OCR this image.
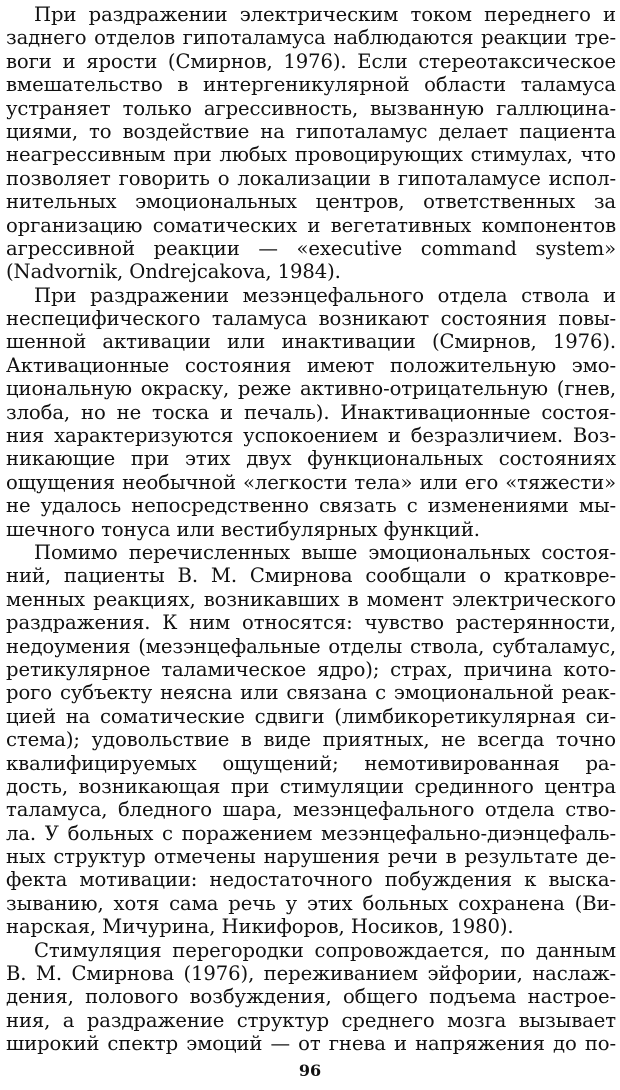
При раздражении электрическим током переднего и
заднего отделов гипоталамуса наблюдаются реакции тре-
воги и ярости (Смирнов, 1976). Если стереотаксическое
вмешательство в интергеникулярной области таламуса
устраняет только агрессивность, вызванную галлюцина-
циями, то воздействие на гипоталамус делает пациента
неагрессивным при любых провоцирующих стимулах, что
позволяет говорить о локализации в гипоталамусе испол-
нительных эмоциональных центров, ответственных за
организацию соматических и вегетативных компонентов
агрессивной реакции — «executive command system»
(Nadvornik, Ondrejcakova, 1984).
При раздражении мезэнцефального отдела ствола и
неспецифического таламуса возникают состояния повы-
шенной активации или инактивации (Смирнов, 1976).
Активационные состояния имеют положительную эмо-
циональную окраску, реже активно-отрицательную (гнев,
злоба, но не тоска и печаль). Инактивационные состоя-
ния характеризуются успокоением и безразличием. Воз-
никающие при этих двух функциональных состояниях
ощущения необычной «легкости тела» или его «тяжести»
не удалось непосредственно связать с изменениями мы-
шечного тонуса или вестибулярных функций.
Помимо перечисленных выше эмоциональных состоя-
ний, пациенты В. М. Смирнова сообщали о кратковре-
менных реакциях, возникавших в момент электрического
раздражения. К ним относятся: чувство растерянности,
недоумения (мезэнцефальные отделы ствола, субталамус,
ретикулярное таламическое ядро); страх, причина кото-
рого субъекту неясна или связана с эмоциональной реак-
цией на соматические сдвиги (лимбикоретикулярная си-
стема); удовольствие в виде приятных, не всегда точно
квалифицируемых ощущений; немотивированная ра-
дость, возникающая при стимуляции срединного центра
таламуса, бледного шара, мезэнцефального отдела ство-
ла. У больных с поражением мезэнцефально-диэнцефаль-
ных структур отмечены нарушения речи в результате де-
фекта мотивации: недостаточного побуждения к выска-
зыванию, хотя сама речь у этих больных сохранена (Ви-
нарская, Мичурина, Никифоров, Носиков, 1980).
Стимуляция перегородки сопровождается, по данным
В. М. Смирнова (1976), переживанием эйфории, наслаж-
дения, полового возбуждения, общего подъема настрое-
ния, а раздражение структур среднего мозга вызывает
широкий спектр эмоций — от гнева и напряжения до по-
96
